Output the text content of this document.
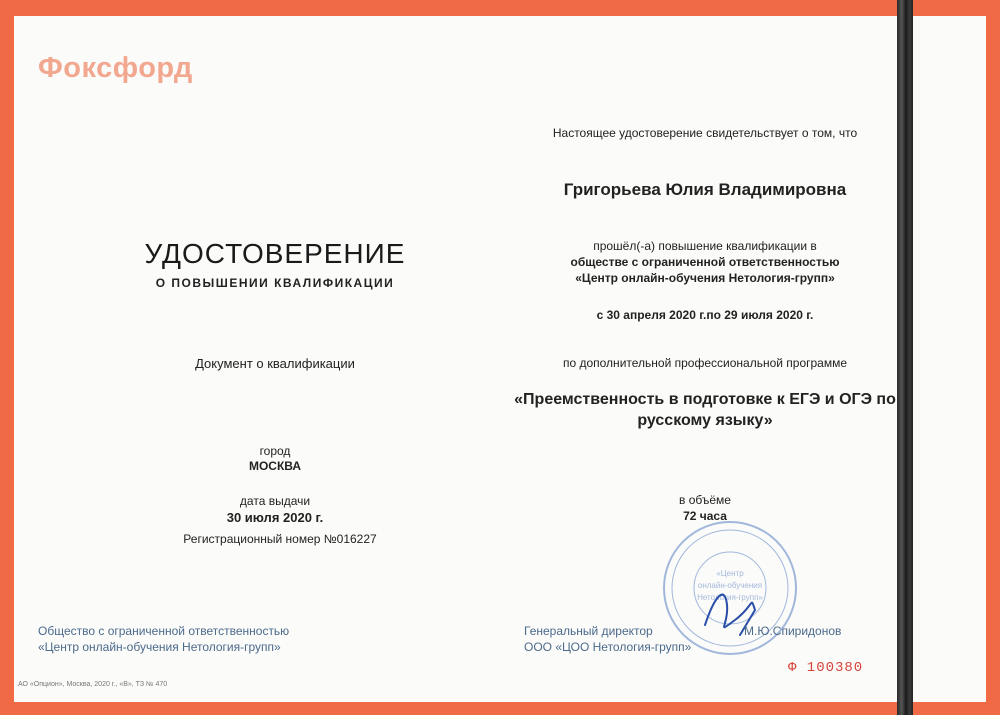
Фоксфорд
УДОСТОВЕРЕНИЕ
О ПОВЫШЕНИИ КВАЛИФИКАЦИИ
Документ о квалификации
город
МОСКВА
дата выдачи
30 июля 2020 г.
Регистрационный номер №016227
Общество с ограниченной ответственностью
«Центр онлайн-обучения Нетология-групп»
АО «Опцион», Москва, 2020 г., «В», ТЗ № 470
Настоящее удостоверение свидетельствует о том, что
Григорьева Юлия Владимировна
прошёл(-а) повышение квалификации в
обществе с ограниченной ответственностью
«Центр онлайн-обучения Нетология-групп»
с 30 апреля 2020 г.по 29 июля 2020 г.
по дополнительной профессиональной программе
«Преемственность в подготовке к ЕГЭ и ОГЭ по русскому языку»
в объёме
72 часа
«Центр
онлайн-обучения
Нетология-групп»
Генеральный директор
ООО «ЦОО Нетология-групп»
М.Ю.Спиридонов
Ф 100380
